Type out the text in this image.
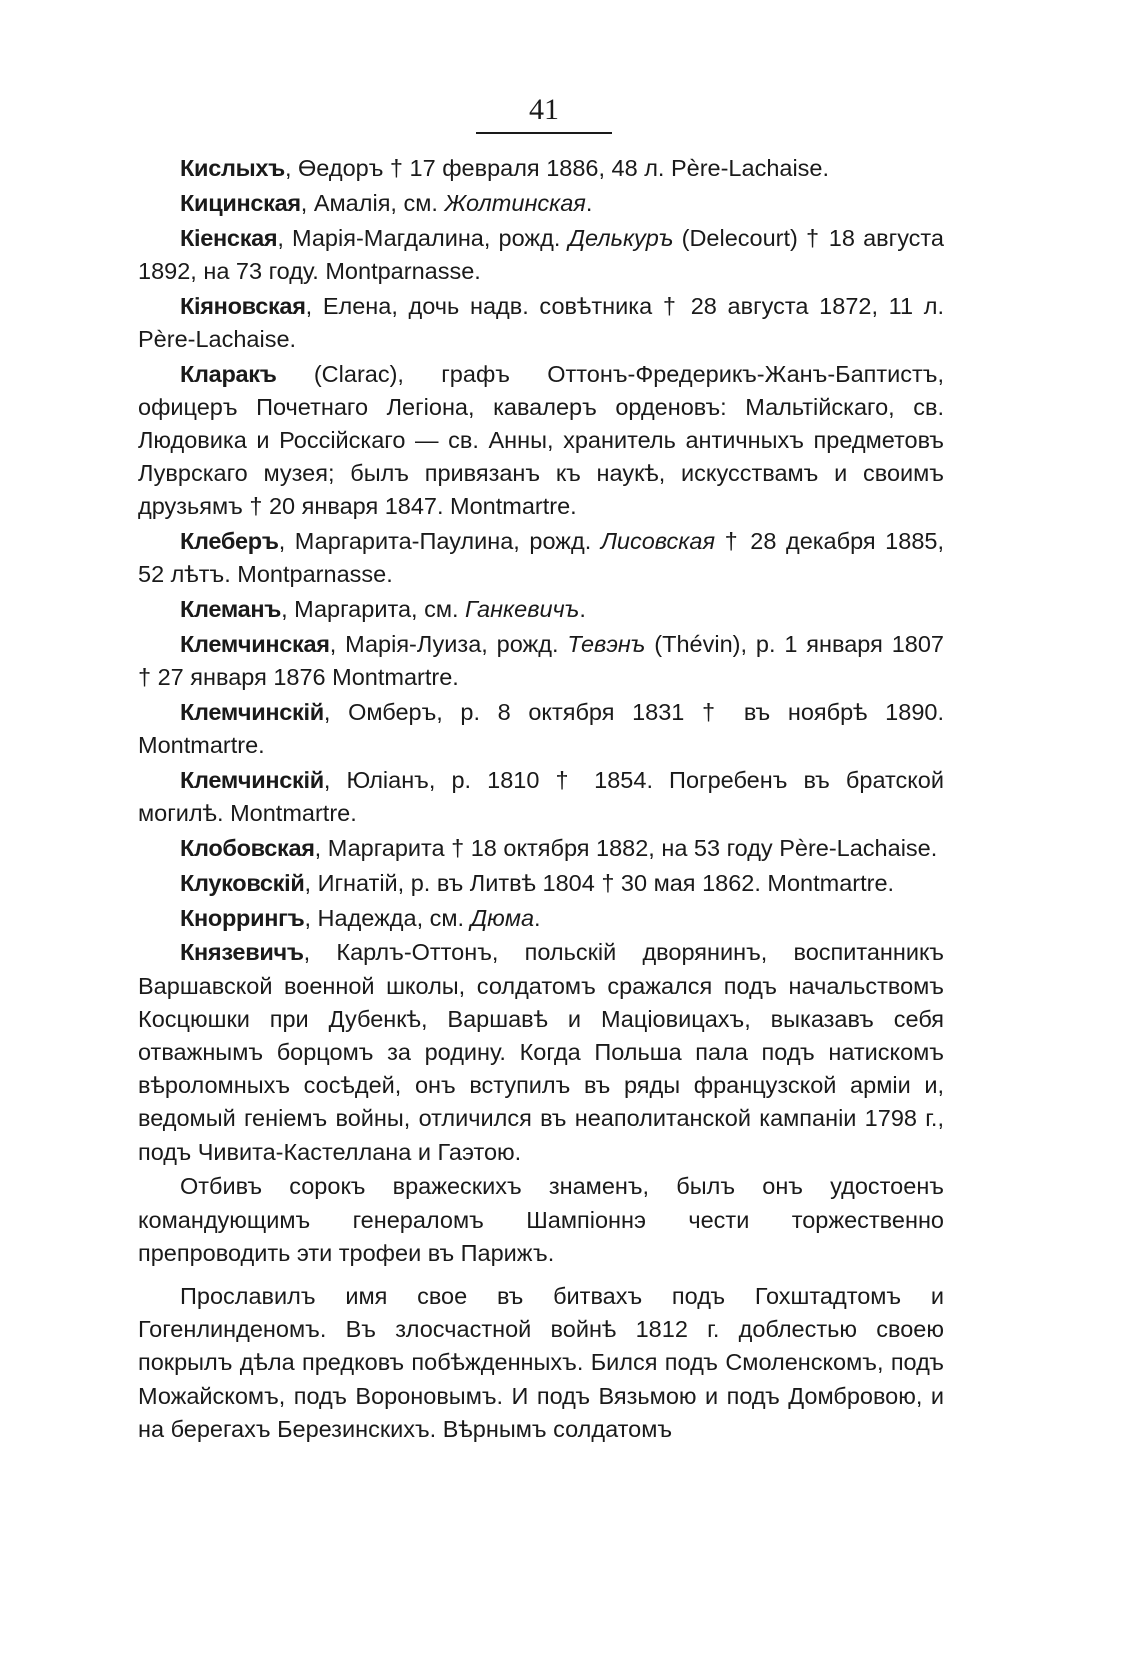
41

Кислыхъ, Өедоръ † 17 февраля 1886, 48 л. Père-Lachaise.

Кицинская, Амалія, см. Жолтинская.

Кіенская, Марія-Магдалина, рожд. Делькуръ (Delecourt) † 18 августа 1892, на 73 году. Montparnasse.

Кіяновская, Елена, дочь надв. совѣтника † 28 августа 1872, 11 л. Père-Lachaise.

Кларакъ (Clarac), графъ Оттонъ-Фредерикъ-Жанъ-Баптистъ, офицеръ Почетнаго Легіона, кавалеръ орденовъ: Мальтійскаго, св. Людовика и Россійскаго — св. Анны, хранитель античныхъ предметовъ Луврскаго музея; былъ привязанъ къ наукѣ, искусствамъ и своимъ друзьямъ † 20 января 1847. Montmartre.

Клеберъ, Маргарита-Паулина, рожд. Лисовская † 28 декабря 1885, 52 лѣтъ. Montparnasse.

Клеманъ, Маргарита, см. Ганкевичъ.

Клемчинская, Марія-Луиза, рожд. Тевэнъ (Thévin), р. 1 января 1807 † 27 января 1876 Montmartre.

Клемчинскій, Омберъ, р. 8 октября 1831 † въ ноябрѣ 1890. Montmartre.

Клемчинскій, Юліанъ, р. 1810 † 1854. Погребенъ въ братской могилѣ. Montmartre.

Клобовская, Маргарита † 18 октября 1882, на 53 году Père-Lachaise.

Клуковскій, Игнатій, р. въ Литвѣ 1804 † 30 мая 1862. Montmartre.

Кноррингъ, Надежда, см. Дюма.

Князевичъ, Карлъ-Оттонъ, польскій дворянинъ, воспитанникъ Варшавской военной школы, солдатомъ сражался подъ начальствомъ Косцюшки при Дубенкѣ, Варшавѣ и Маціовицахъ, выказавъ себя отважнымъ борцомъ за родину. Когда Польша пала подъ натискомъ вѣроломныхъ сосѣдей, онъ вступилъ въ ряды французской арміи и, ведомый геніемъ войны, отличился въ неаполитанской кампаніи 1798 г., подъ Чивита-Кастеллана и Гаэтою.

Отбивъ сорокъ вражескихъ знаменъ, былъ онъ удостоенъ командующимъ генераломъ Шампіоннэ чести торжественно препроводить эти трофеи въ Парижъ.

Прославилъ имя свое въ битвахъ подъ Гохштадтомъ и Гогенлинденомъ. Въ злосчастной войнѣ 1812 г. доблестью своею покрылъ дѣла предковъ побѣжденныхъ. Бился подъ Смоленскомъ, подъ Можайскомъ, подъ Вороновымъ. И подъ Вязьмою и подъ Домбровою, и на берегахъ Березинскихъ. Вѣрнымъ солдатомъ
